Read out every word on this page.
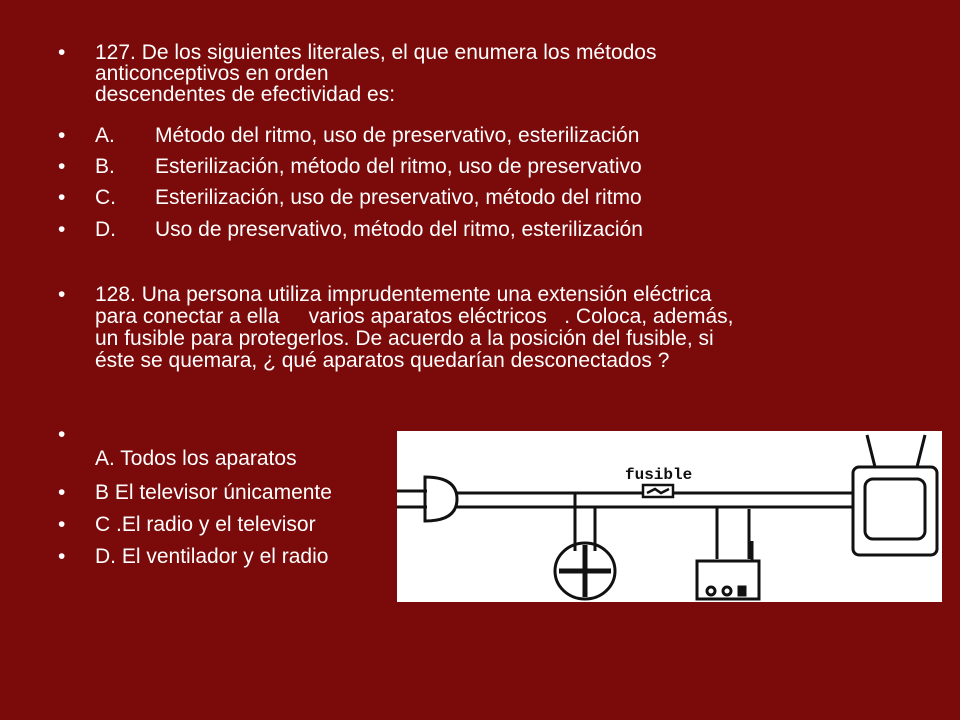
• 127. De los siguientes literales, el que enumera los métodos
anticonceptivos en orden
descendentes de efectividad es:
• A. Método del ritmo, uso de preservativo, esterilización
• B. Esterilización, método del ritmo, uso de preservativo
• C. Esterilización, uso de preservativo, método del ritmo
• D. Uso de preservativo, método del ritmo, esterilización
• 128. Una persona utiliza imprudentemente una extensión eléctrica
para conectar a ella     varios aparatos eléctricos   . Coloca, además,
un fusible para protegerlos. De acuerdo a la posición del fusible, si
éste se quemara, ¿ qué aparatos quedarían desconectados ?
•
A. Todos los aparatos
• B El televisor únicamente
• C .El radio y el televisor
• D. El ventilador y el radio
fusible
